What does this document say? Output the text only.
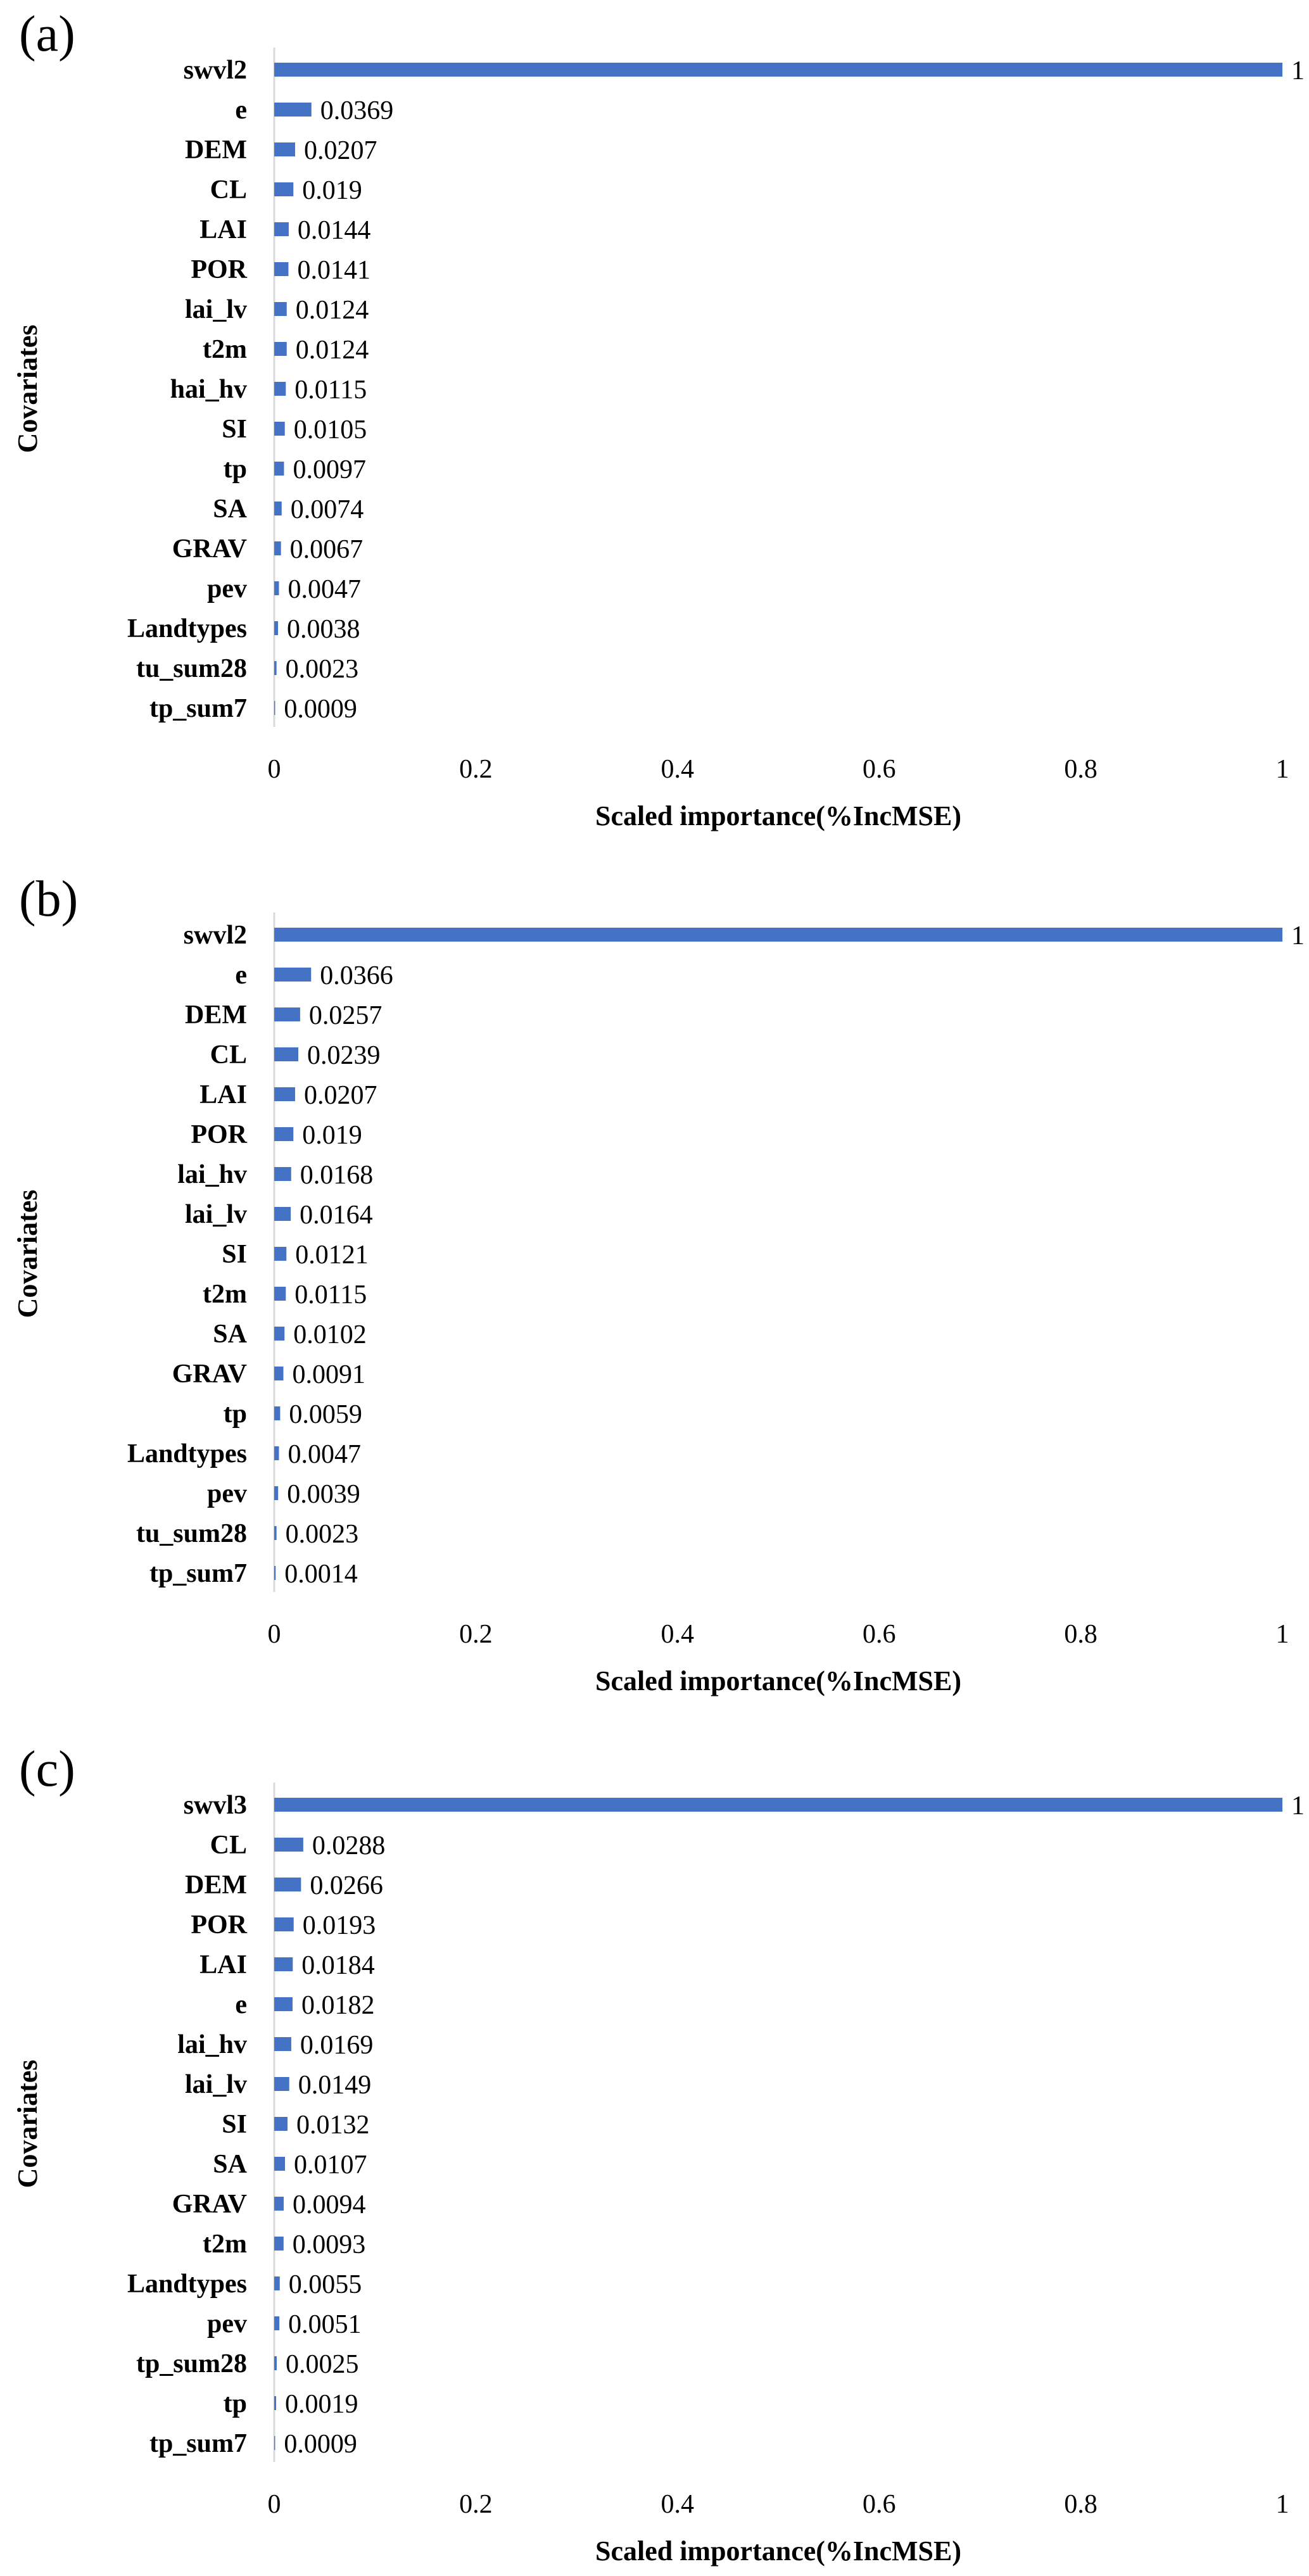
(a)
swvl2	1
e	0.0369
DEM 0.0207
CL 0.019
LAI 0.0144
POR 0.0141
lai_lv 0.0124
t2m 0.0124
hai_hv 0.0115
SI 0.0105
tp 0.0097
SA 0.0074
GRAV 0.0067
pev 0.0047
Landtypes 0.0038
tu_sum28 0.0023
tp_sum7 0.0009
0	0.2	0.4	0.6	0.8	1
Scaled importance(%IncMSE)
Covariates
(b)
swvl2	1
e	0.0366
DEM 0.0257
CL 0.0239
LAI 0.0207
POR 0.019
lai_hv 0.0168
lai_lv 0.0164
SI 0.0121
t2m 0.0115
SA 0.0102
GRAV 0.0091
tp 0.0059
Landtypes 0.0047
pev 0.0039
tu_sum28 0.0023
tp_sum7 0.0014
0	0.2	0.4	0.6	0.8	1
Scaled importance(%IncMSE)
Covariates
(c)
swvl3	1
CL 0.0288
DEM 0.0266
POR 0.0193
LAI 0.0184
e 0.0182
lai_hv 0.0169
lai_lv 0.0149
SI 0.0132
SA 0.0107
GRAV 0.0094
t2m 0.0093
Landtypes 0.0055
pev 0.0051
tp_sum28 0.0025
tp 0.0019
tp_sum7 0.0009
0	0.2	0.4	0.6	0.8	1
Scaled importance(%IncMSE)
Covariates
